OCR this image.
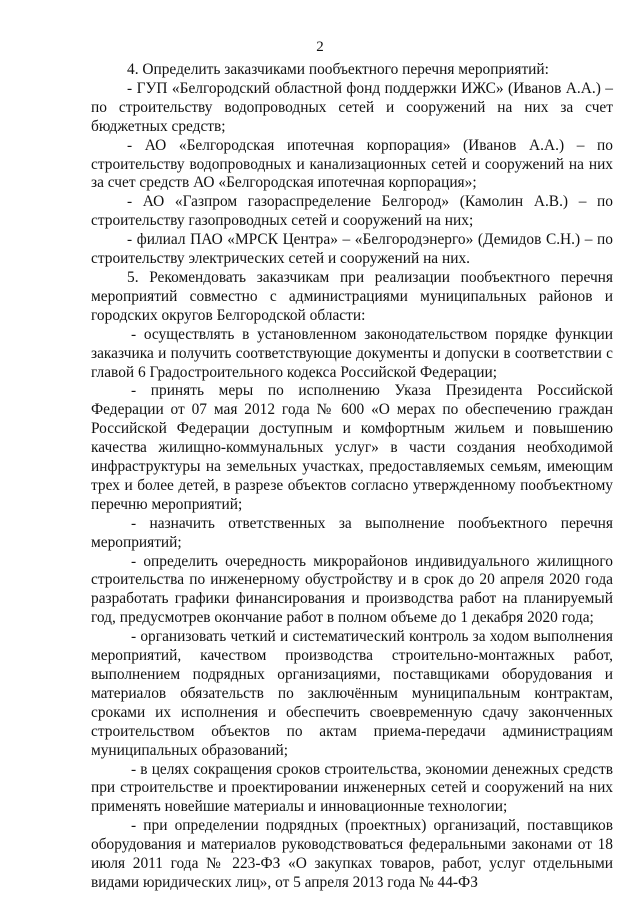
2

4. Определить заказчиками пообъектного перечня мероприятий:

- ГУП «Белгородский областной фонд поддержки ИЖС» (Иванов А.А.) – по строительству водопроводных сетей и сооружений на них за счет бюджетных средств;

- АО «Белгородская ипотечная корпорация» (Иванов А.А.) – по строительству водопроводных и канализационных сетей и сооружений на них за счет средств АО «Белгородская ипотечная корпорация»;

- АО «Газпром газораспределение Белгород» (Камолин А.В.) – по строительству газопроводных сетей и сооружений на них;

- филиал ПАО «МРСК Центра» – «Белгородэнерго» (Демидов С.Н.) – по строительству электрических сетей и сооружений на них.

5. Рекомендовать заказчикам при реализации пообъектного перечня мероприятий совместно с администрациями муниципальных районов и городских округов Белгородской области:

- осуществлять в установленном законодательством порядке функции заказчика и получить соответствующие документы и допуски в соответствии с главой 6 Градостроительного кодекса Российской Федерации;

- принять меры по исполнению Указа Президента Российской Федерации от 07 мая 2012 года № 600 «О мерах по обеспечению граждан Российской Федерации доступным и комфортным жильем и повышению качества жилищно-коммунальных услуг» в части создания необходимой инфраструктуры на земельных участках, предоставляемых семьям, имеющим трех и более детей, в разрезе объектов согласно утвержденному пообъектному перечню мероприятий;

- назначить ответственных за выполнение пообъектного перечня мероприятий;

- определить очередность микрорайонов индивидуального жилищного строительства по инженерному обустройству и в срок до 20 апреля 2020 года разработать графики финансирования и производства работ на планируемый год, предусмотрев окончание работ в полном объеме до 1 декабря 2020 года;

- организовать четкий и систематический контроль за ходом выполнения мероприятий, качеством производства строительно-монтажных работ, выполнением подрядных организациями, поставщиками оборудования и материалов обязательств по заключённым муниципальным контрактам, сроками их исполнения и обеспечить своевременную сдачу законченных строительством объектов по актам приема-передачи администрациям муниципальных образований;

- в целях сокращения сроков строительства, экономии денежных средств при строительстве и проектировании инженерных сетей и сооружений на них применять новейшие материалы и инновационные технологии;

- при определении подрядных (проектных) организаций, поставщиков оборудования и материалов руководствоваться федеральными законами от 18 июля 2011 года № 223-ФЗ «О закупках товаров, работ, услуг отдельными видами юридических лиц», от 5 апреля 2013 года № 44-ФЗ
